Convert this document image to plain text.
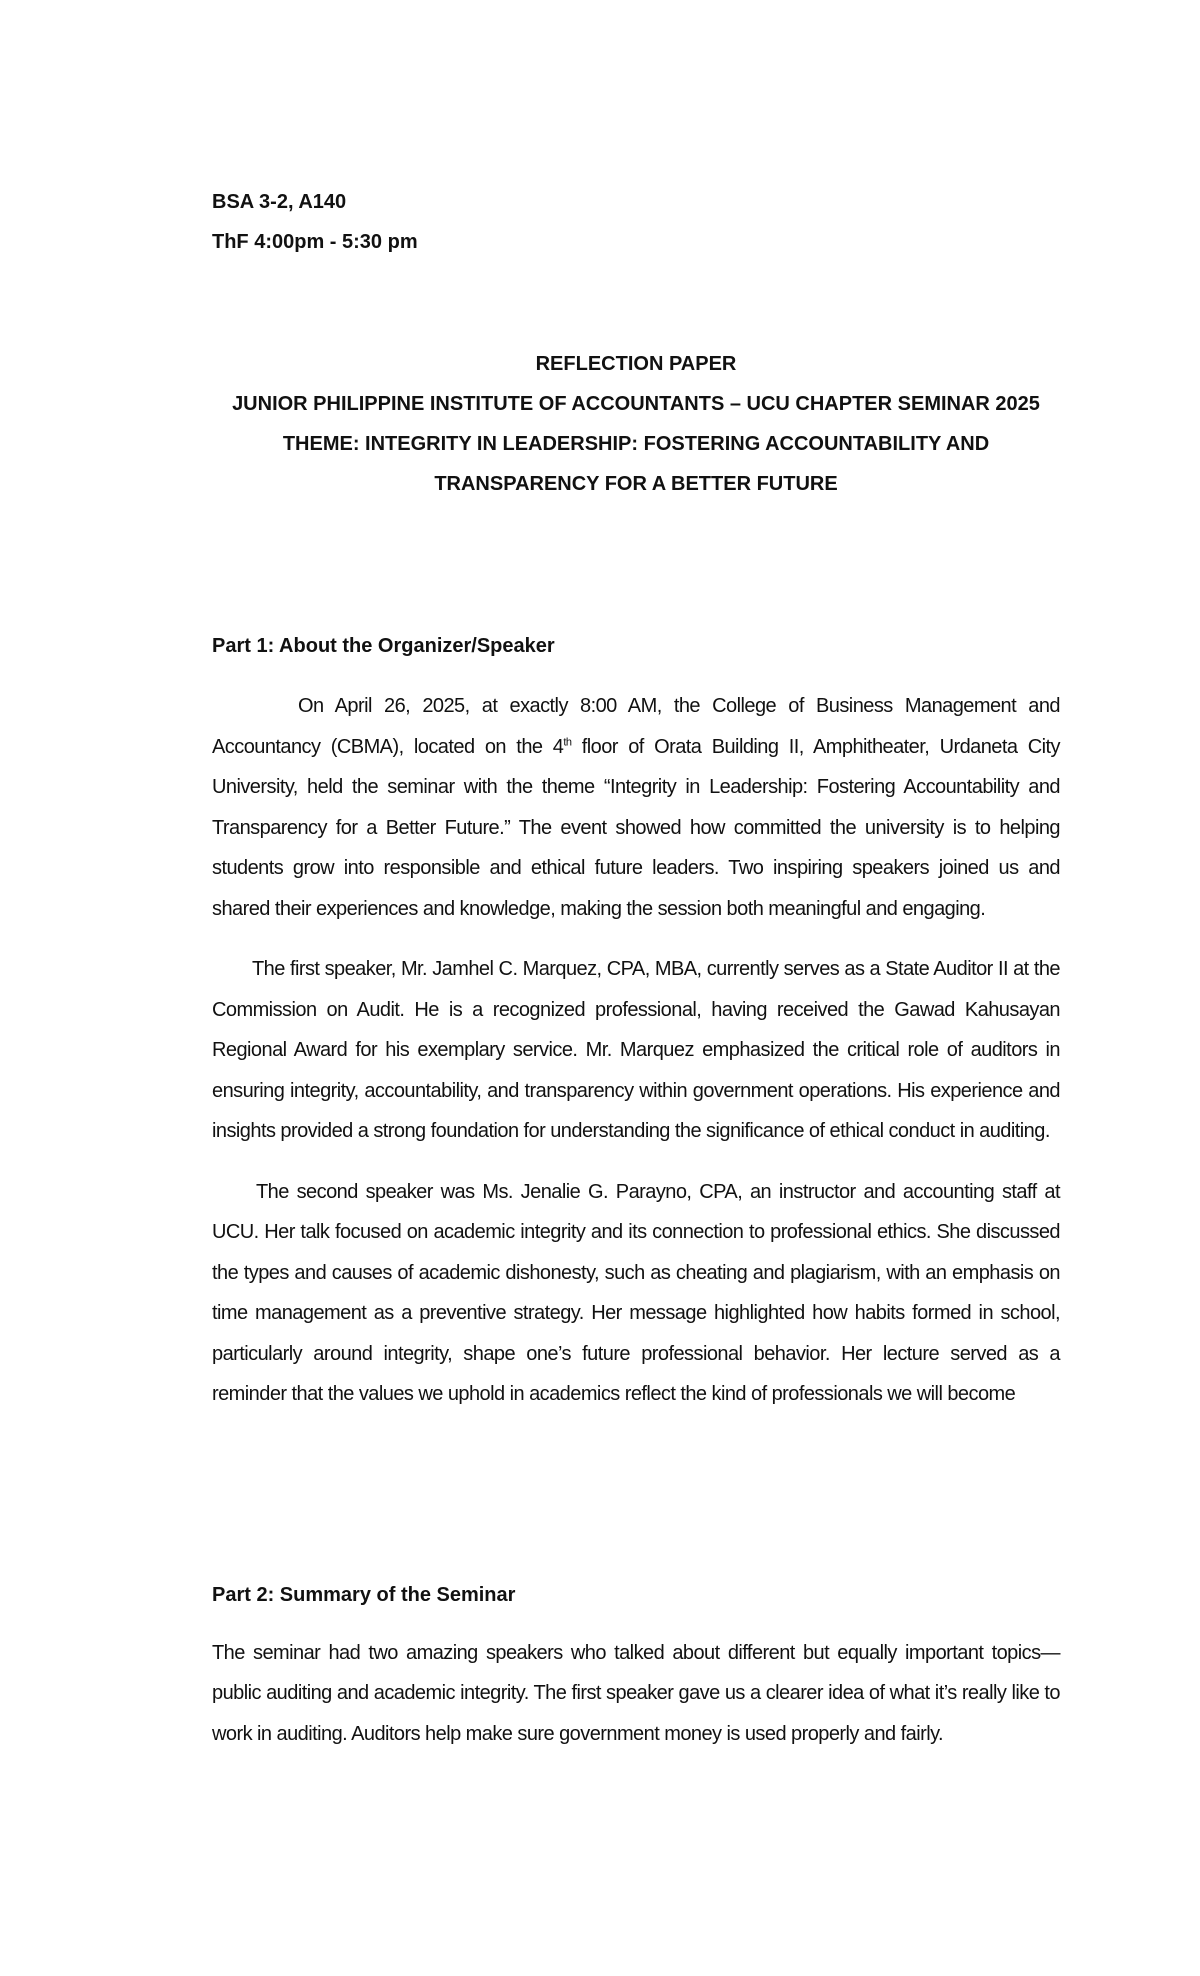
BSA 3-2, A140

ThF 4:00pm - 5:30 pm

REFLECTION PAPER

JUNIOR PHILIPPINE INSTITUTE OF ACCOUNTANTS – UCU CHAPTER SEMINAR 2025

THEME: INTEGRITY IN LEADERSHIP: FOSTERING ACCOUNTABILITY AND

TRANSPARENCY FOR A BETTER FUTURE

Part 1: About the Organizer/Speaker

On April 26, 2025, at exactly 8:00 AM, the College of Business Management and Accountancy (CBMA), located on the 4th floor of Orata Building II, Amphitheater, Urdaneta City University, held the seminar with the theme “Integrity in Leadership: Fostering Accountability and Transparency for a Better Future.” The event showed how committed the university is to helping students grow into responsible and ethical future leaders. Two inspiring speakers joined us and shared their experiences and knowledge, making the session both meaningful and engaging.

The first speaker, Mr. Jamhel C. Marquez, CPA, MBA, currently serves as a State Auditor II at the Commission on Audit. He is a recognized professional, having received the Gawad Kahusayan Regional Award for his exemplary service. Mr. Marquez emphasized the critical role of auditors in ensuring integrity, accountability, and transparency within government operations. His experience and insights provided a strong foundation for understanding the significance of ethical conduct in auditing.

The second speaker was Ms. Jenalie G. Parayno, CPA, an instructor and accounting staff at UCU. Her talk focused on academic integrity and its connection to professional ethics. She discussed the types and causes of academic dishonesty, such as cheating and plagiarism, with an emphasis on time management as a preventive strategy. Her message highlighted how habits formed in school, particularly around integrity, shape one’s future professional behavior. Her lecture served as a reminder that the values we uphold in academics reflect the kind of professionals we will become

Part 2: Summary of the Seminar

The seminar had two amazing speakers who talked about different but equally important topics—public auditing and academic integrity. The first speaker gave us a clearer idea of what it’s really like to work in auditing. Auditors help make sure government money is used properly and fairly.
